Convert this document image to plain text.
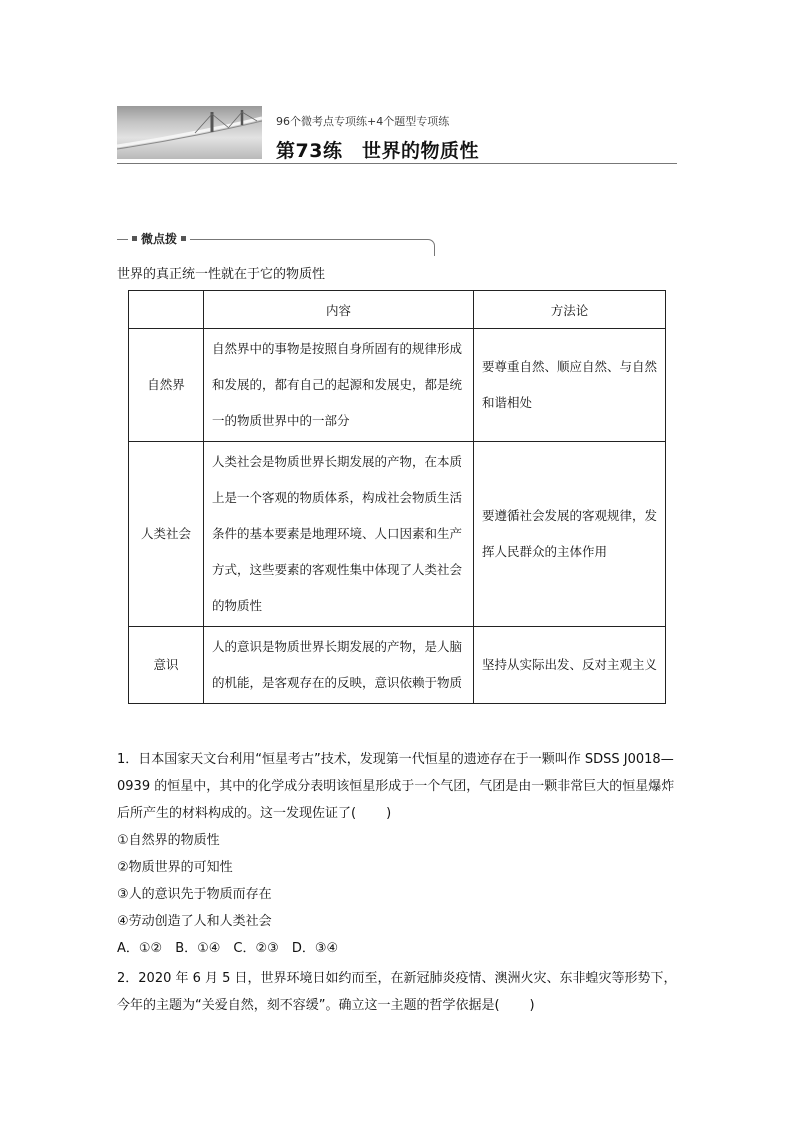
96个微考点专项练+4个题型专项练
第73练　世界的物质性
微点拨
世界的真正统一性就在于它的物质性
	内容	方法论
自然界	自然界中的事物是按照自身所固有的规律形成和发展的，都有自己的起源和发展史，都是统一的物质世界中的一部分	要尊重自然、顺应自然、与自然和谐相处
人类社会	人类社会是物质世界长期发展的产物，在本质上是一个客观的物质体系，构成社会物质生活条件的基本要素是地理环境、人口因素和生产方式，这些要素的客观性集中体现了人类社会的物质性	要遵循社会发展的客观规律，发挥人民群众的主体作用
意识	人的意识是物质世界长期发展的产物，是人脑的机能，是客观存在的反映，意识依赖于物质	坚持从实际出发、反对主观主义
1．日本国家天文台利用“恒星考古”技术，发现第一代恒星的遗迹存在于一颗叫作 SDSS J0018—0939 的恒星中，其中的化学成分表明该恒星形成于一个气团，气团是由一颗非常巨大的恒星爆炸后所产生的材料构成的。这一发现佐证了( )
①自然界的物质性
②物质世界的可知性
③人的意识先于物质而存在
④劳动创造了人和人类社会
A．①②　B．①④　C．②③　D．③④
2．2020 年 6 月 5 日，世界环境日如约而至，在新冠肺炎疫情、澳洲火灾、东非蝗灾等形势下，今年的主题为“关爱自然，刻不容缓”。确立这一主题的哲学依据是( )
